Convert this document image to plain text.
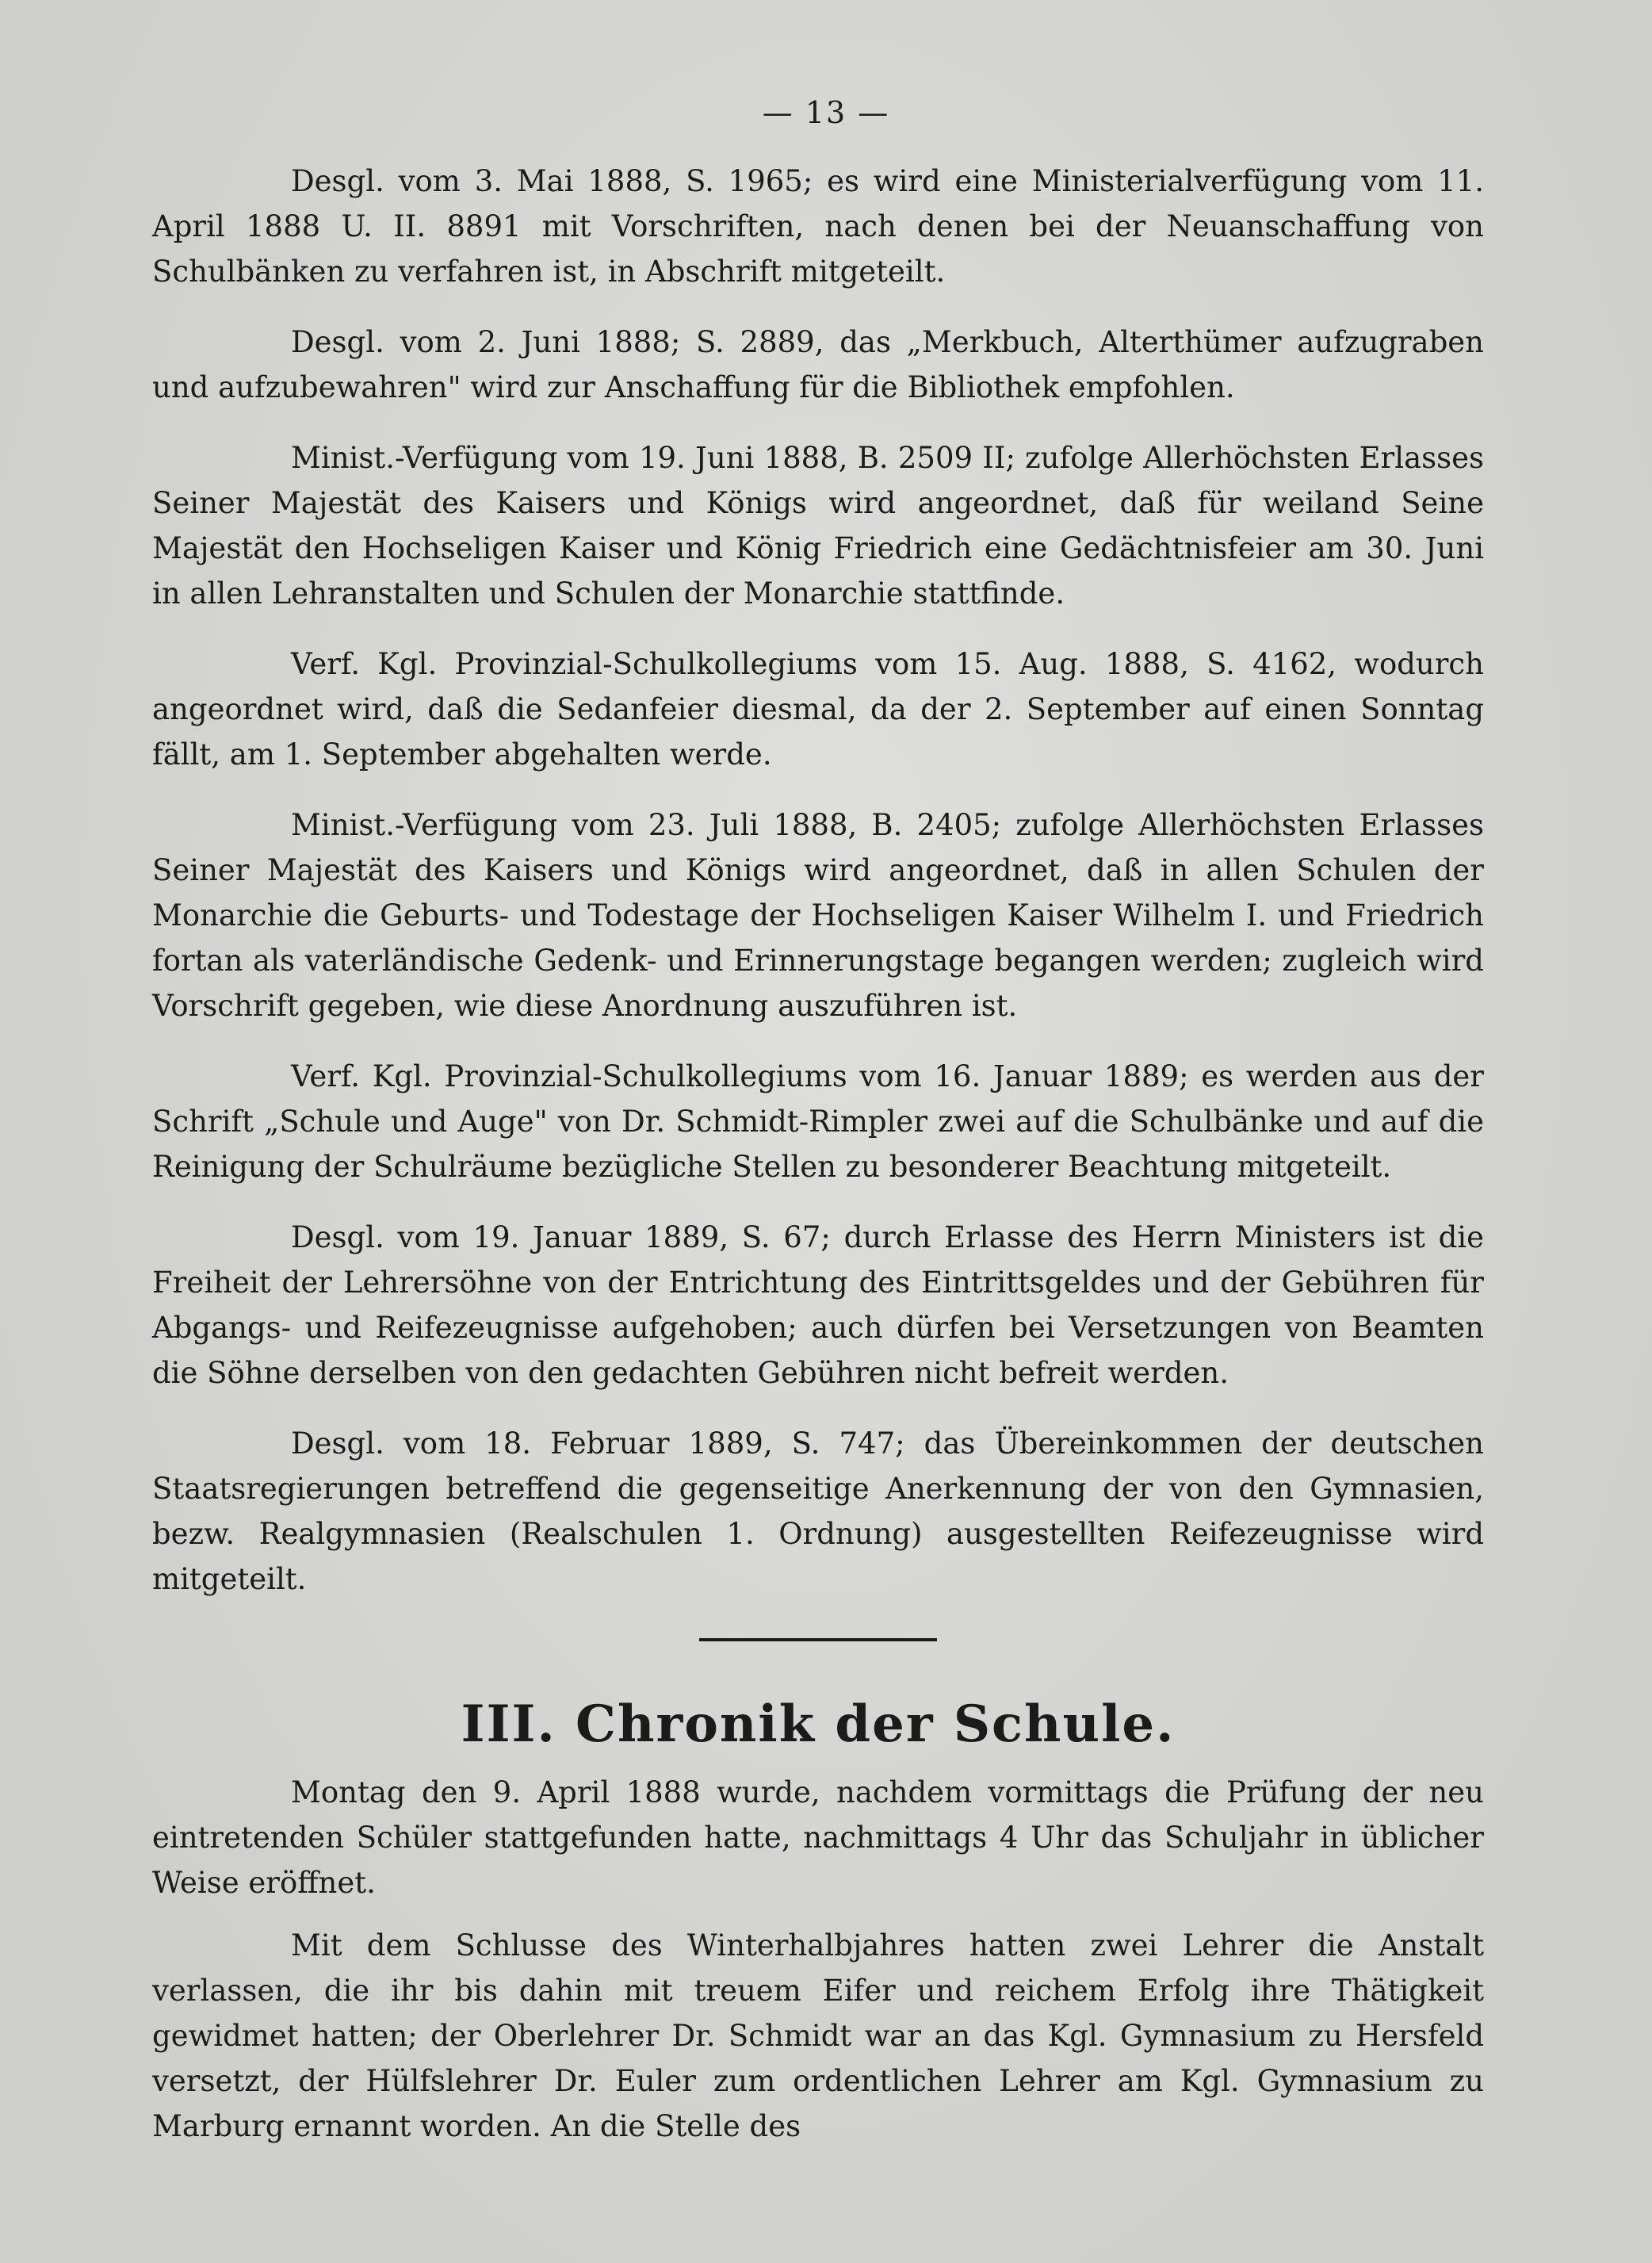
— 13 —

Desgl. vom 3. Mai 1888, S. 1965; es wird eine Ministerialverfügung vom 11. April 1888 U. II. 8891 mit Vorschriften, nach denen bei der Neuanschaffung von Schulbänken zu verfahren ist, in Abschrift mitgeteilt.

Desgl. vom 2. Juni 1888; S. 2889, das „Merkbuch, Alterthümer aufzugraben und aufzubewahren" wird zur Anschaffung für die Bibliothek empfohlen.

Minist.-Verfügung vom 19. Juni 1888, B. 2509 II; zufolge Allerhöchsten Erlasses Seiner Majestät des Kaisers und Königs wird angeordnet, daß für weiland Seine Majestät den Hochseligen Kaiser und König Friedrich eine Gedächtnisfeier am 30. Juni in allen Lehranstalten und Schulen der Monarchie stattfinde.

Verf. Kgl. Provinzial-Schulkollegiums vom 15. Aug. 1888, S. 4162, wodurch angeordnet wird, daß die Sedanfeier diesmal, da der 2. September auf einen Sonntag fällt, am 1. September abgehalten werde.

Minist.-Verfügung vom 23. Juli 1888, B. 2405; zufolge Allerhöchsten Erlasses Seiner Majestät des Kaisers und Königs wird angeordnet, daß in allen Schulen der Monarchie die Geburts- und Todestage der Hochseligen Kaiser Wilhelm I. und Friedrich fortan als vaterländische Gedenk- und Erinnerungstage begangen werden; zugleich wird Vorschrift gegeben, wie diese Anordnung auszuführen ist.

Verf. Kgl. Provinzial-Schulkollegiums vom 16. Januar 1889; es werden aus der Schrift „Schule und Auge" von Dr. Schmidt-Rimpler zwei auf die Schulbänke und auf die Reinigung der Schulräume bezügliche Stellen zu besonderer Beachtung mitgeteilt.

Desgl. vom 19. Januar 1889, S. 67; durch Erlasse des Herrn Ministers ist die Freiheit der Lehrersöhne von der Entrichtung des Eintrittsgeldes und der Gebühren für Abgangs- und Reifezeugnisse aufgehoben; auch dürfen bei Versetzungen von Beamten die Söhne derselben von den gedachten Gebühren nicht befreit werden.

Desgl. vom 18. Februar 1889, S. 747; das Übereinkommen der deutschen Staatsregierungen betreffend die gegenseitige Anerkennung der von den Gymnasien, bezw. Realgymnasien (Realschulen 1. Ordnung) ausgestellten Reifezeugnisse wird mitgeteilt.

III. Chronik der Schule.

Montag den 9. April 1888 wurde, nachdem vormittags die Prüfung der neu eintretenden Schüler stattgefunden hatte, nachmittags 4 Uhr das Schuljahr in üblicher Weise eröffnet.

Mit dem Schlusse des Winterhalbjahres hatten zwei Lehrer die Anstalt verlassen, die ihr bis dahin mit treuem Eifer und reichem Erfolg ihre Thätigkeit gewidmet hatten; der Oberlehrer Dr. Schmidt war an das Kgl. Gymnasium zu Hersfeld versetzt, der Hülfslehrer Dr. Euler zum ordentlichen Lehrer am Kgl. Gymnasium zu Marburg ernannt worden. An die Stelle des
